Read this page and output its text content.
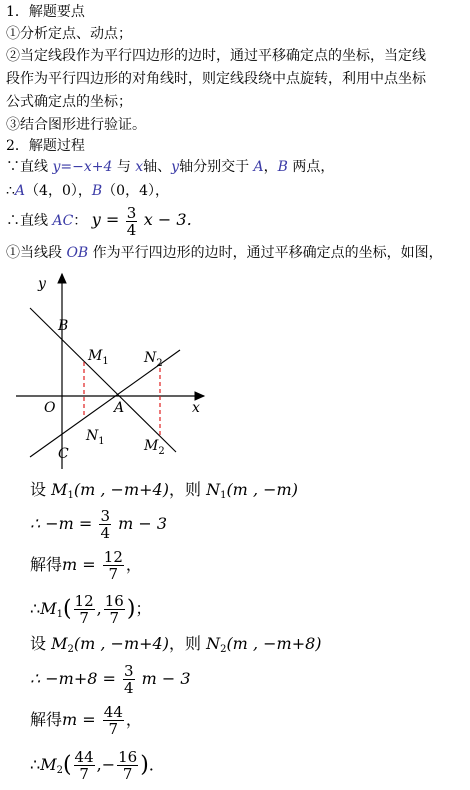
1．解题要点
①分析定点、动点；
②当定线段作为平行四边形的边时，通过平移确定点的坐标，当定线
段作为平行四边形的对角线时，则定线段绕中点旋转，利用中点坐标
公式确定点的坐标；
③结合图形进行验证。
2．解题过程
∵直线 y=−x+4 与 x轴、y轴分别交于 A，B 两点，
∴A（4，0），B（0，4），
∴直线 AC： $y = \frac{3}{4}$ x − 3．
①当线段 OB 作为平行四边形的边时，通过平移确定点的坐标，如图，
y
x
O	A
B
C
$M_1$
$N_1$
$N_2$
$M_2$
设 $M_1(m$ , −m+4)，则 $N_1(m$ , −m)
∴ $-m = \frac{3}{4}$ m − 3
解得$m = \frac{12}{7}$ ，
$\therefore M_1( \frac{12}{7}$ , $\frac{16}{7}$ )；
设 $M_2(m$ , −m+4)，则 $N_2(m$ , −m+8)
∴ $-m+8 = \frac{3}{4}$ m − 3
解得$m = \frac{44}{7}$ ，
$\therefore M_2( \frac{44}{7}$ ,− $\frac{16}{7}$ )．
